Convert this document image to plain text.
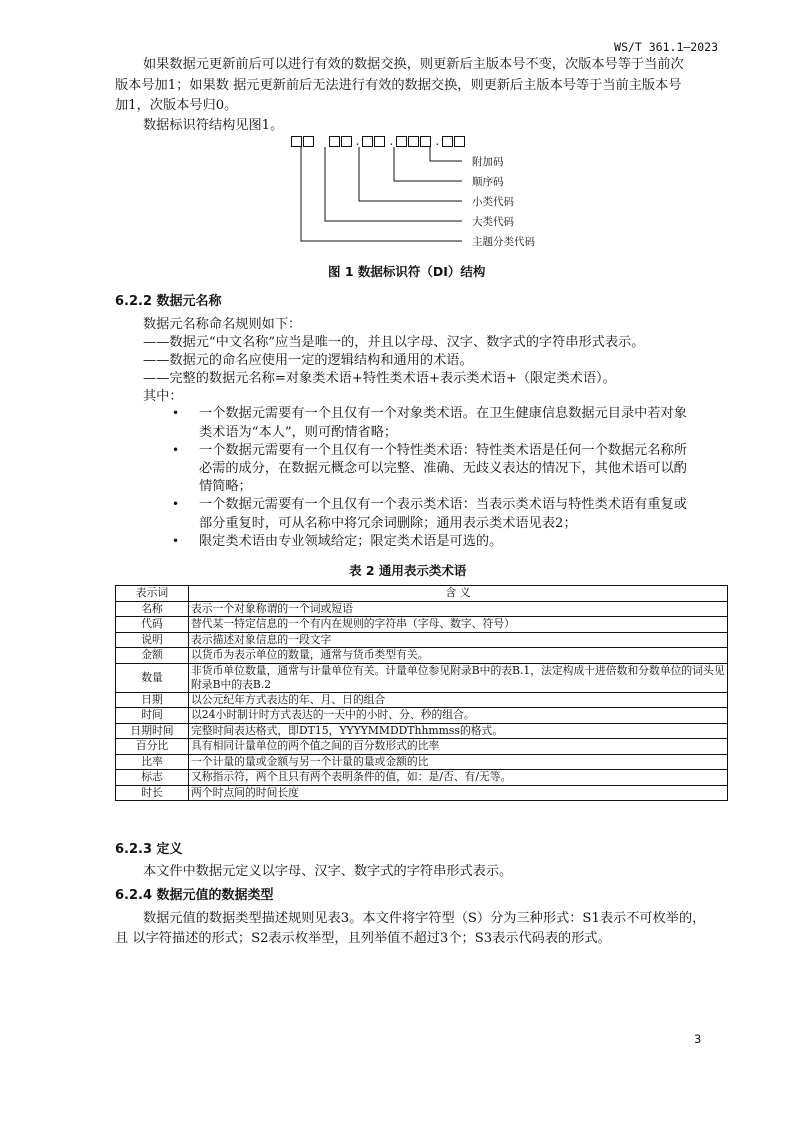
WS/T 361.1—2023
如果数据元更新前后可以进行有效的数据交换，则更新后主版本号不变，次版本号等于当前次
版本号加1；如果数 据元更新前后无法进行有效的数据交换，则更新后主版本号等于当前主版本号
加1，次版本号归0。
数据标识符结构见图1。
.	.	.
附加码
顺序码
小类代码
大类代码
主题分类代码
图 1 数据标识符（DI）结构
6.2.2 数据元名称
数据元名称命名规则如下：
——数据元“中文名称”应当是唯一的，并且以字母、汉字、数字式的字符串形式表示。
——数据元的命名应使用一定的逻辑结构和通用的术语。
——完整的数据元名称=对象类术语+特性类术语+表示类术语+（限定类术语）。
其中：
• 一个数据元需要有一个且仅有一个对象类术语。在卫生健康信息数据元目录中若对象
类术语为“本人”，则可酌情省略；
• 一个数据元需要有一个且仅有一个特性类术语：特性类术语是任何一个数据元名称所
必需的成分，在数据元概念可以完整、准确、无歧义表达的情况下，其他术语可以酌
情简略；
• 一个数据元需要有一个且仅有一个表示类术语：当表示类术语与特性类术语有重复或
部分重复时，可从名称中将冗余词删除；通用表示类术语见表2；
• 限定类术语由专业领域给定；限定类术语是可选的。
表 2 通用表示类术语
表示词	含 义
名称	表示一个对象称谓的一个词或短语
代码	替代某一特定信息的一个有内在规则的字符串（字母、数字、符号）
说明	表示描述对象信息的一段文字
金额	以货币为表示单位的数量，通常与货币类型有关。
数量	非货币单位数量，通常与计量单位有关。计量单位参见附录B中的表B.1，法定构成十进倍数和分数单位的词头见附录B中的表B.2
日期	以公元纪年方式表达的年、月、日的组合
时间	以24小时制计时方式表达的一天中的小时、分、秒的组合。
日期时间	完整时间表达格式，即DT15，YYYYMMDDThhmmss的格式。
百分比	具有相同计量单位的两个值之间的百分数形式的比率
比率	一个计量的量或金额与另一个计量的量或金额的比
标志	又称指示符，两个且只有两个表明条件的值，如：是/否、有/无等。
时长	两个时点间的时间长度
6.2.3 定义
本文件中数据元定义以字母、汉字、数字式的字符串形式表示。
6.2.4 数据元值的数据类型
数据元值的数据类型描述规则见表3。本文件将字符型（S）分为三种形式：S1表示不可枚举的，
且 以字符描述的形式；S2表示枚举型，且列举值不超过3个；S3表示代码表的形式。
3
